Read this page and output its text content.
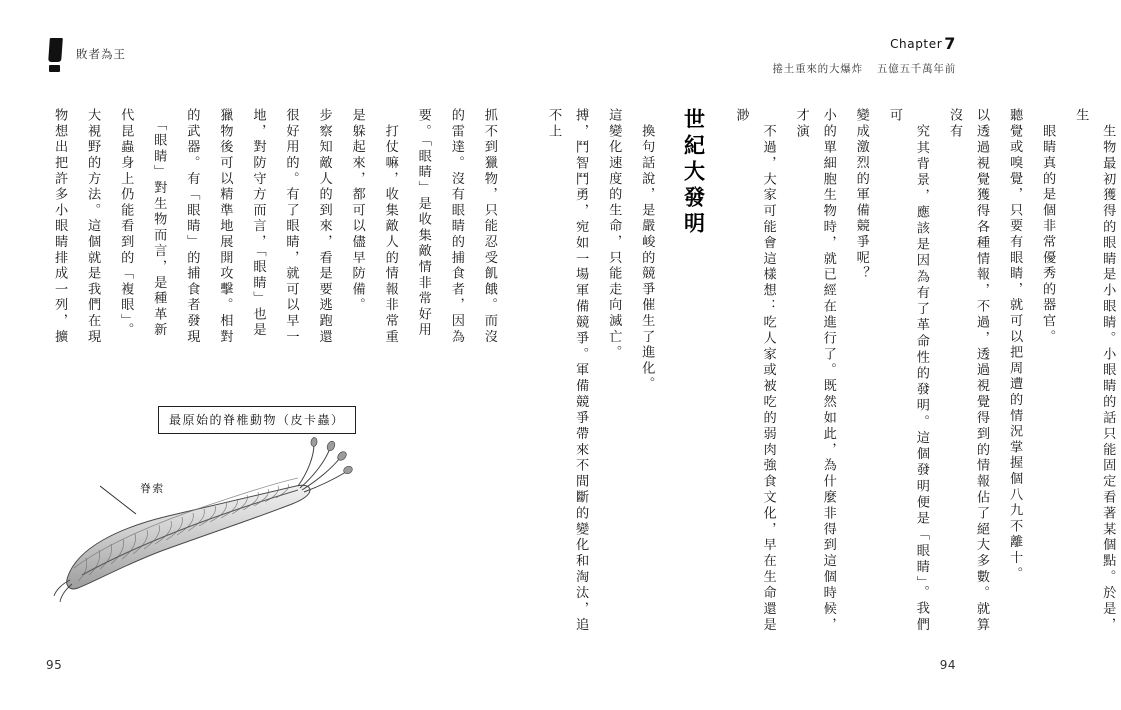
敗者為王
物想出把許多小眼睛排成一列，擴	大視野的方法。這個就是我們在現	代昆蟲身上仍能看到的「複眼」。	　「眼睛」對生物而言，是種革新	的武器。有「眼睛」的捕食者發現	獵物後可以精準地展開攻擊。相對	地，對防守方而言，「眼睛」也是	很好用的。有了眼睛，就可以早一	步察知敵人的到來，看是要逃跑還	是躲起來，都可以儘早防備。	　打仗嘛，收集敵人的情報非常重	要。「眼睛」是收集敵情非常好用	的雷達。沒有眼睛的捕食者，因為	抓不到獵物，只能忍受飢餓。而沒
最原始的脊椎動物（皮卡蟲）
脊索
95
Chapter 7
捲土重來的大爆炸 五億五千萬年前
搏，鬥智鬥勇，宛如一場軍備競爭。軍備競爭帶來不間斷的變化和淘汰，追不上	這變化速度的生命，只能走向滅亡。	　換句話說，是嚴峻的競爭催生了進化。 世紀大發明	　不過，大家可能會這樣想：吃人家或被吃的弱肉強食文化，早在生命還是渺	小的單細胞生物時，就已經在進行了。既然如此，為什麼非得到這個時候，才演	變成激烈的軍備競爭呢？	　究其背景，應該是因為有了革命性的發明。這個發明便是「眼睛」。我們可	以透過視覺獲得各種情報，不過，透過視覺得到的情報佔了絕大多數。就算沒有	聽覺或嗅覺，只要有眼睛，就可以把周遭的情況掌握個八九不離十。	　眼睛真的是個非常優秀的器官。	　生物最初獲得的眼睛是小眼睛。小眼睛的話只能固定看著某個點。於是，生
94
